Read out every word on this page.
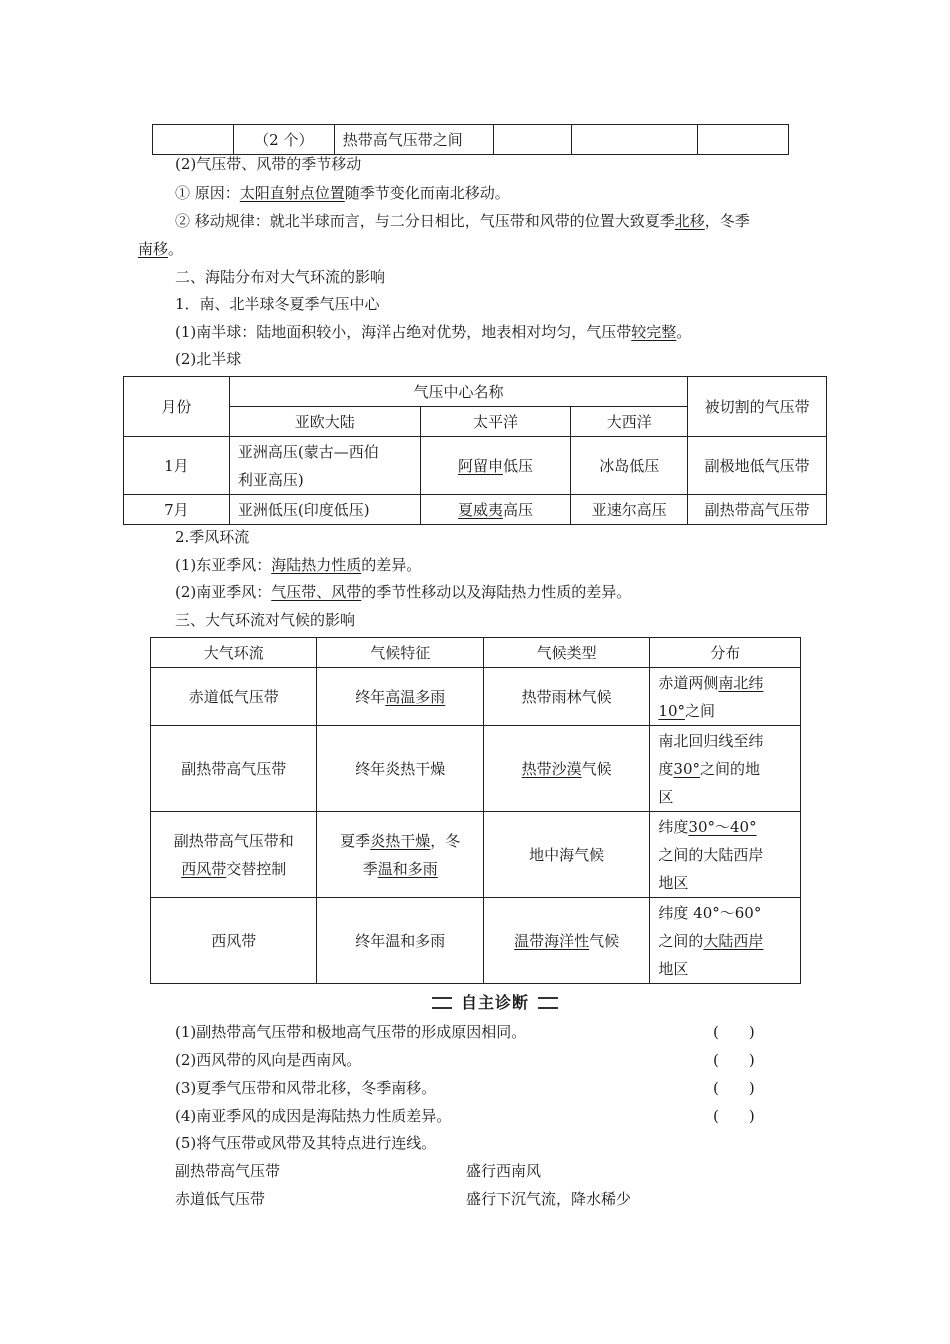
	（2 个）	热带高气压带之间			
(2)气压带、风带的季节移动
① 原因：太阳直射点位置随季节变化而南北移动。
② 移动规律：就北半球而言，与二分日相比，气压带和风带的位置大致夏季北移，冬季
南移。
二、海陆分布对大气环流的影响
1．南、北半球冬夏季气压中心
(1)南半球：陆地面积较小，海洋占绝对优势，地表相对均匀，气压带较完整。
(2)北半球
月份	气压中心名称			被切割的气压带
	亚欧大陆	太平洋	大西洋	
1月	亚洲高压(蒙古—西伯
利亚高压)	阿留申低压	冰岛低压	副极地低气压带
7月	亚洲低压(印度低压)	夏威夷高压	亚速尔高压	副热带高气压带
2.季风环流
(1)东亚季风：海陆热力性质的差异。
(2)南亚季风：气压带、风带的季节性移动以及海陆热力性质的差异。
三、大气环流对气候的影响
大气环流	气候特征	气候类型	分布
赤道低气压带	终年高温多雨	热带雨林气候	赤道两侧南北纬
10°之间
副热带高气压带	终年炎热干燥	热带沙漠气候	南北回归线至纬
度30°之间的地
区
副热带高气压带和
西风带交替控制	夏季炎热干燥，冬
季温和多雨	地中海气候	纬度30°～40°
之间的大陆西岸
地区
西风带	终年温和多雨	温带海洋性气候	纬度 40°～60°
之间的大陆西岸
地区
自主诊断
(1)副热带高气压带和极地高气压带的形成原因相同。	(　　)
(2)西风带的风向是西南风。	(　　)
(3)夏季气压带和风带北移，冬季南移。	(　　)
(4)南亚季风的成因是海陆热力性质差异。	(　　)
(5)将气压带或风带及其特点进行连线。
副热带高气压带	盛行西南风
赤道低气压带	盛行下沉气流，降水稀少
